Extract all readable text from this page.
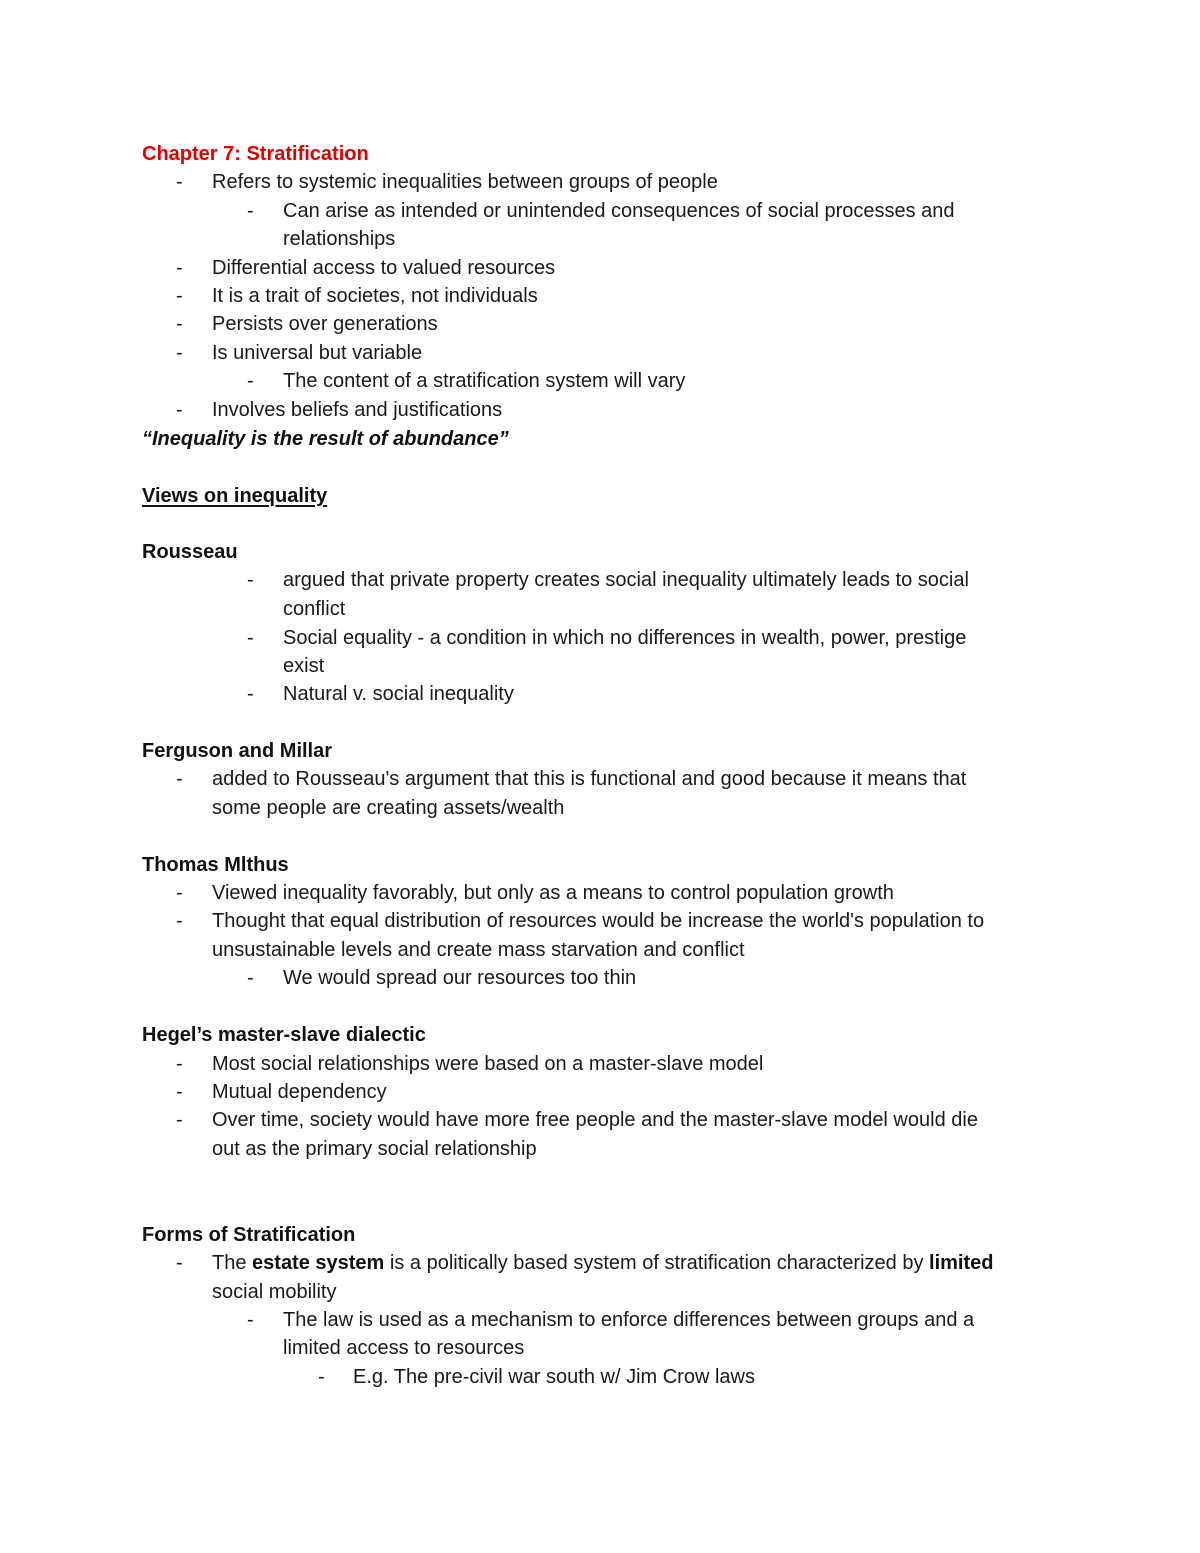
Chapter 7: Stratification
- Refers to systemic inequalities between groups of people
- Can arise as intended or unintended consequences of social processes and
relationships
- Differential access to valued resources
- It is a trait of societes, not individuals
- Persists over generations
- Is universal but variable
- The content of a stratification system will vary
- Involves beliefs and justifications
“Inequality is the result of abundance”
Views on inequality
Rousseau
- argued that private property creates social inequality ultimately leads to social
conflict
- Social equality - a condition in which no differences in wealth, power, prestige
exist
- Natural v. social inequality
Ferguson and Millar
- added to Rousseau's argument that this is functional and good because it means that
some people are creating assets/wealth
Thomas Mlthus
- Viewed inequality favorably, but only as a means to control population growth
- Thought that equal distribution of resources would be increase the world's population to
unsustainable levels and create mass starvation and conflict
- We would spread our resources too thin
Hegel’s master-slave dialectic
- Most social relationships were based on a master-slave model
- Mutual dependency
- Over time, society would have more free people and the master-slave model would die
out as the primary social relationship
Forms of Stratification
- The estate system is a politically based system of stratification characterized by limited
social mobility
- The law is used as a mechanism to enforce differences between groups and a
limited access to resources
- E.g. The pre-civil war south w/ Jim Crow laws
